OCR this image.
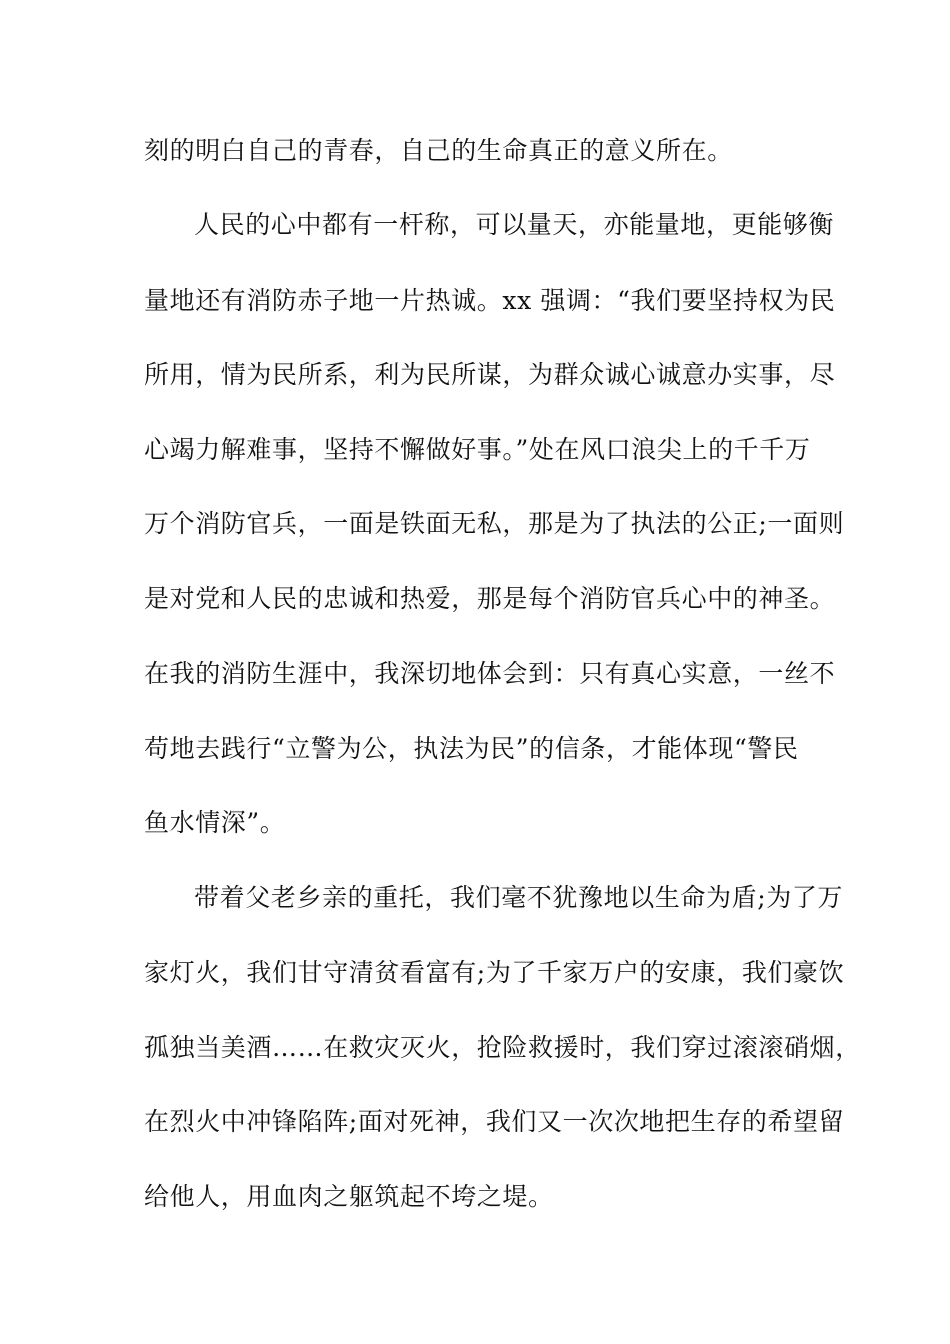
刻的明白自己的青春，自己的生命真正的意义所在。
人民的心中都有一杆称，可以量天，亦能量地，更能够衡
量地还有消防赤子地一片热诚。xx 强调：“我们要坚持权为民
所用，情为民所系，利为民所谋，为群众诚心诚意办实事，尽
心竭力解难事，坚持不懈做好事。”处在风口浪尖上的千千万
万个消防官兵，一面是铁面无私，那是为了执法的公正;一面则
是对党和人民的忠诚和热爱，那是每个消防官兵心中的神圣。
在我的消防生涯中，我深切地体会到：只有真心实意，一丝不
苟地去践行“立警为公，执法为民”的信条，才能体现“警民
鱼水情深”。
带着父老乡亲的重托，我们毫不犹豫地以生命为盾;为了万
家灯火，我们甘守清贫看富有;为了千家万户的安康，我们豪饮
孤独当美酒……在救灾灭火，抢险救援时，我们穿过滚滚硝烟，
在烈火中冲锋陷阵;面对死神，我们又一次次地把生存的希望留
给他人，用血肉之躯筑起不垮之堤。
